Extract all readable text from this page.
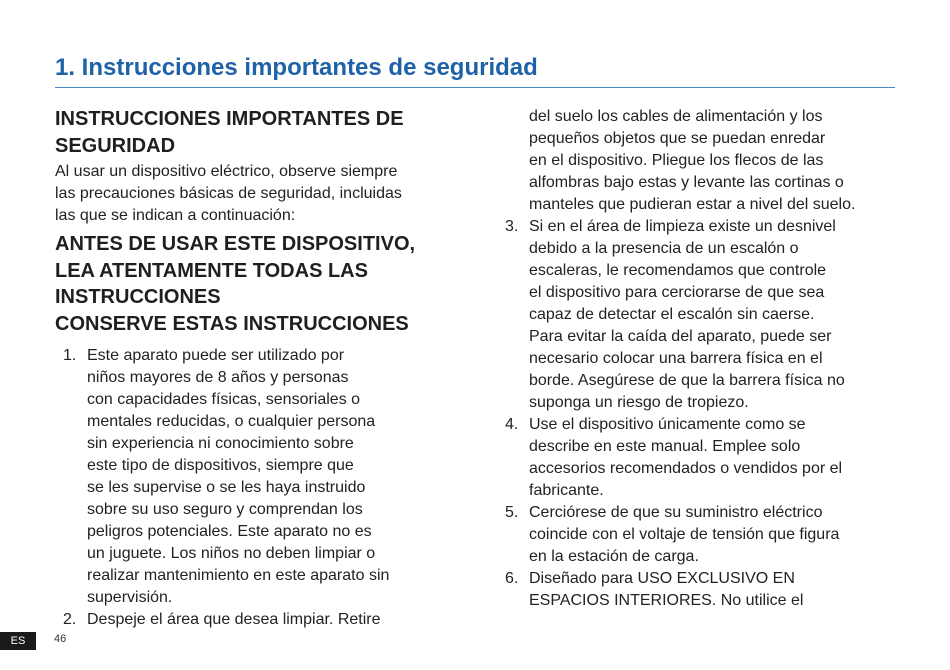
1. Instrucciones importantes de seguridad

INSTRUCCIONES IMPORTANTES DE
SEGURIDAD

Al usar un dispositivo eléctrico, observe siempre
las precauciones básicas de seguridad, incluidas
las que se indican a continuación:

ANTES DE USAR ESTE DISPOSITIVO,
LEA ATENTAMENTE TODAS LAS
INSTRUCCIONES
CONSERVE ESTAS INSTRUCCIONES

1. Este aparato puede ser utilizado por
niños mayores de 8 años y personas
con capacidades físicas, sensoriales o
mentales reducidas, o cualquier persona
sin experiencia ni conocimiento sobre
este tipo de dispositivos, siempre que
se les supervise o se les haya instruido
sobre su uso seguro y comprendan los
peligros potenciales. Este aparato no es
un juguete. Los niños no deben limpiar o
realizar mantenimiento en este aparato sin
supervisión.
2. Despeje el área que desea limpiar. Retire

del suelo los cables de alimentación y los
pequeños objetos que se puedan enredar
en el dispositivo. Pliegue los flecos de las
alfombras bajo estas y levante las cortinas o
manteles que pudieran estar a nivel del suelo.

3. Si en el área de limpieza existe un desnivel
debido a la presencia de un escalón o
escaleras, le recomendamos que controle
el dispositivo para cerciorarse de que sea
capaz de detectar el escalón sin caerse.
Para evitar la caída del aparato, puede ser
necesario colocar una barrera física en el
borde. Asegúrese de que la barrera física no
suponga un riesgo de tropiezo.
4. Use el dispositivo únicamente como se
describe en este manual. Emplee solo
accesorios recomendados o vendidos por el
fabricante.
5. Cerciórese de que su suministro eléctrico
coincide con el voltaje de tensión que figura
en la estación de carga.
6. Diseñado para USO EXCLUSIVO EN
ESPACIOS INTERIORES. No utilice el
ES	46
